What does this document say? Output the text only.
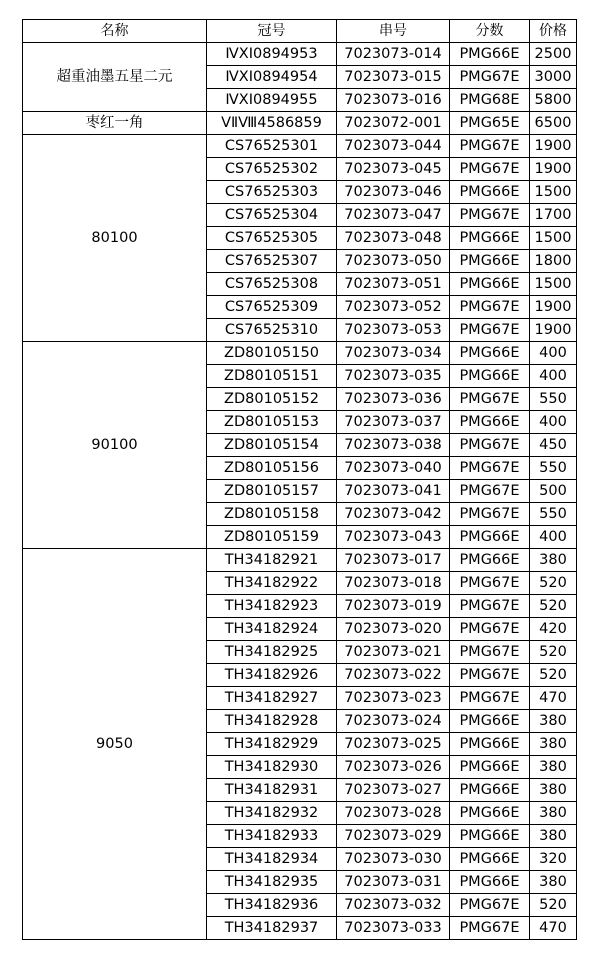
名称	冠号	串号	分数	价格
超重油墨五星二元	ⅣⅩⅠ0894953	7023073-014	PMG66E	2500
	ⅣⅩⅠ0894954	7023073-015	PMG67E	3000
	ⅣⅩⅠ0894955	7023073-016	PMG68E	5800
枣红一角	ⅤⅡⅧ4586859	7023072-001	PMG65E	6500
80100	CS76525301	7023073-044	PMG67E	1900
	CS76525302	7023073-045	PMG67E	1900
	CS76525303	7023073-046	PMG66E	1500
	CS76525304	7023073-047	PMG67E	1700
	CS76525305	7023073-048	PMG66E	1500
	CS76525307	7023073-050	PMG66E	1800
	CS76525308	7023073-051	PMG66E	1500
	CS76525309	7023073-052	PMG67E	1900
	CS76525310	7023073-053	PMG67E	1900
90100	ZD80105150	7023073-034	PMG66E	400
	ZD80105151	7023073-035	PMG66E	400
	ZD80105152	7023073-036	PMG67E	550
	ZD80105153	7023073-037	PMG66E	400
	ZD80105154	7023073-038	PMG67E	450
	ZD80105156	7023073-040	PMG67E	550
	ZD80105157	7023073-041	PMG67E	500
	ZD80105158	7023073-042	PMG67E	550
	ZD80105159	7023073-043	PMG66E	400
9050	TH34182921	7023073-017	PMG66E	380
	TH34182922	7023073-018	PMG67E	520
	TH34182923	7023073-019	PMG67E	520
	TH34182924	7023073-020	PMG67E	420
	TH34182925	7023073-021	PMG67E	520
	TH34182926	7023073-022	PMG67E	520
	TH34182927	7023073-023	PMG67E	470
	TH34182928	7023073-024	PMG66E	380
	TH34182929	7023073-025	PMG66E	380
	TH34182930	7023073-026	PMG66E	380
	TH34182931	7023073-027	PMG66E	380
	TH34182932	7023073-028	PMG66E	380
	TH34182933	7023073-029	PMG66E	380
	TH34182934	7023073-030	PMG66E	320
	TH34182935	7023073-031	PMG66E	380
	TH34182936	7023073-032	PMG67E	520
	TH34182937	7023073-033	PMG67E	470
